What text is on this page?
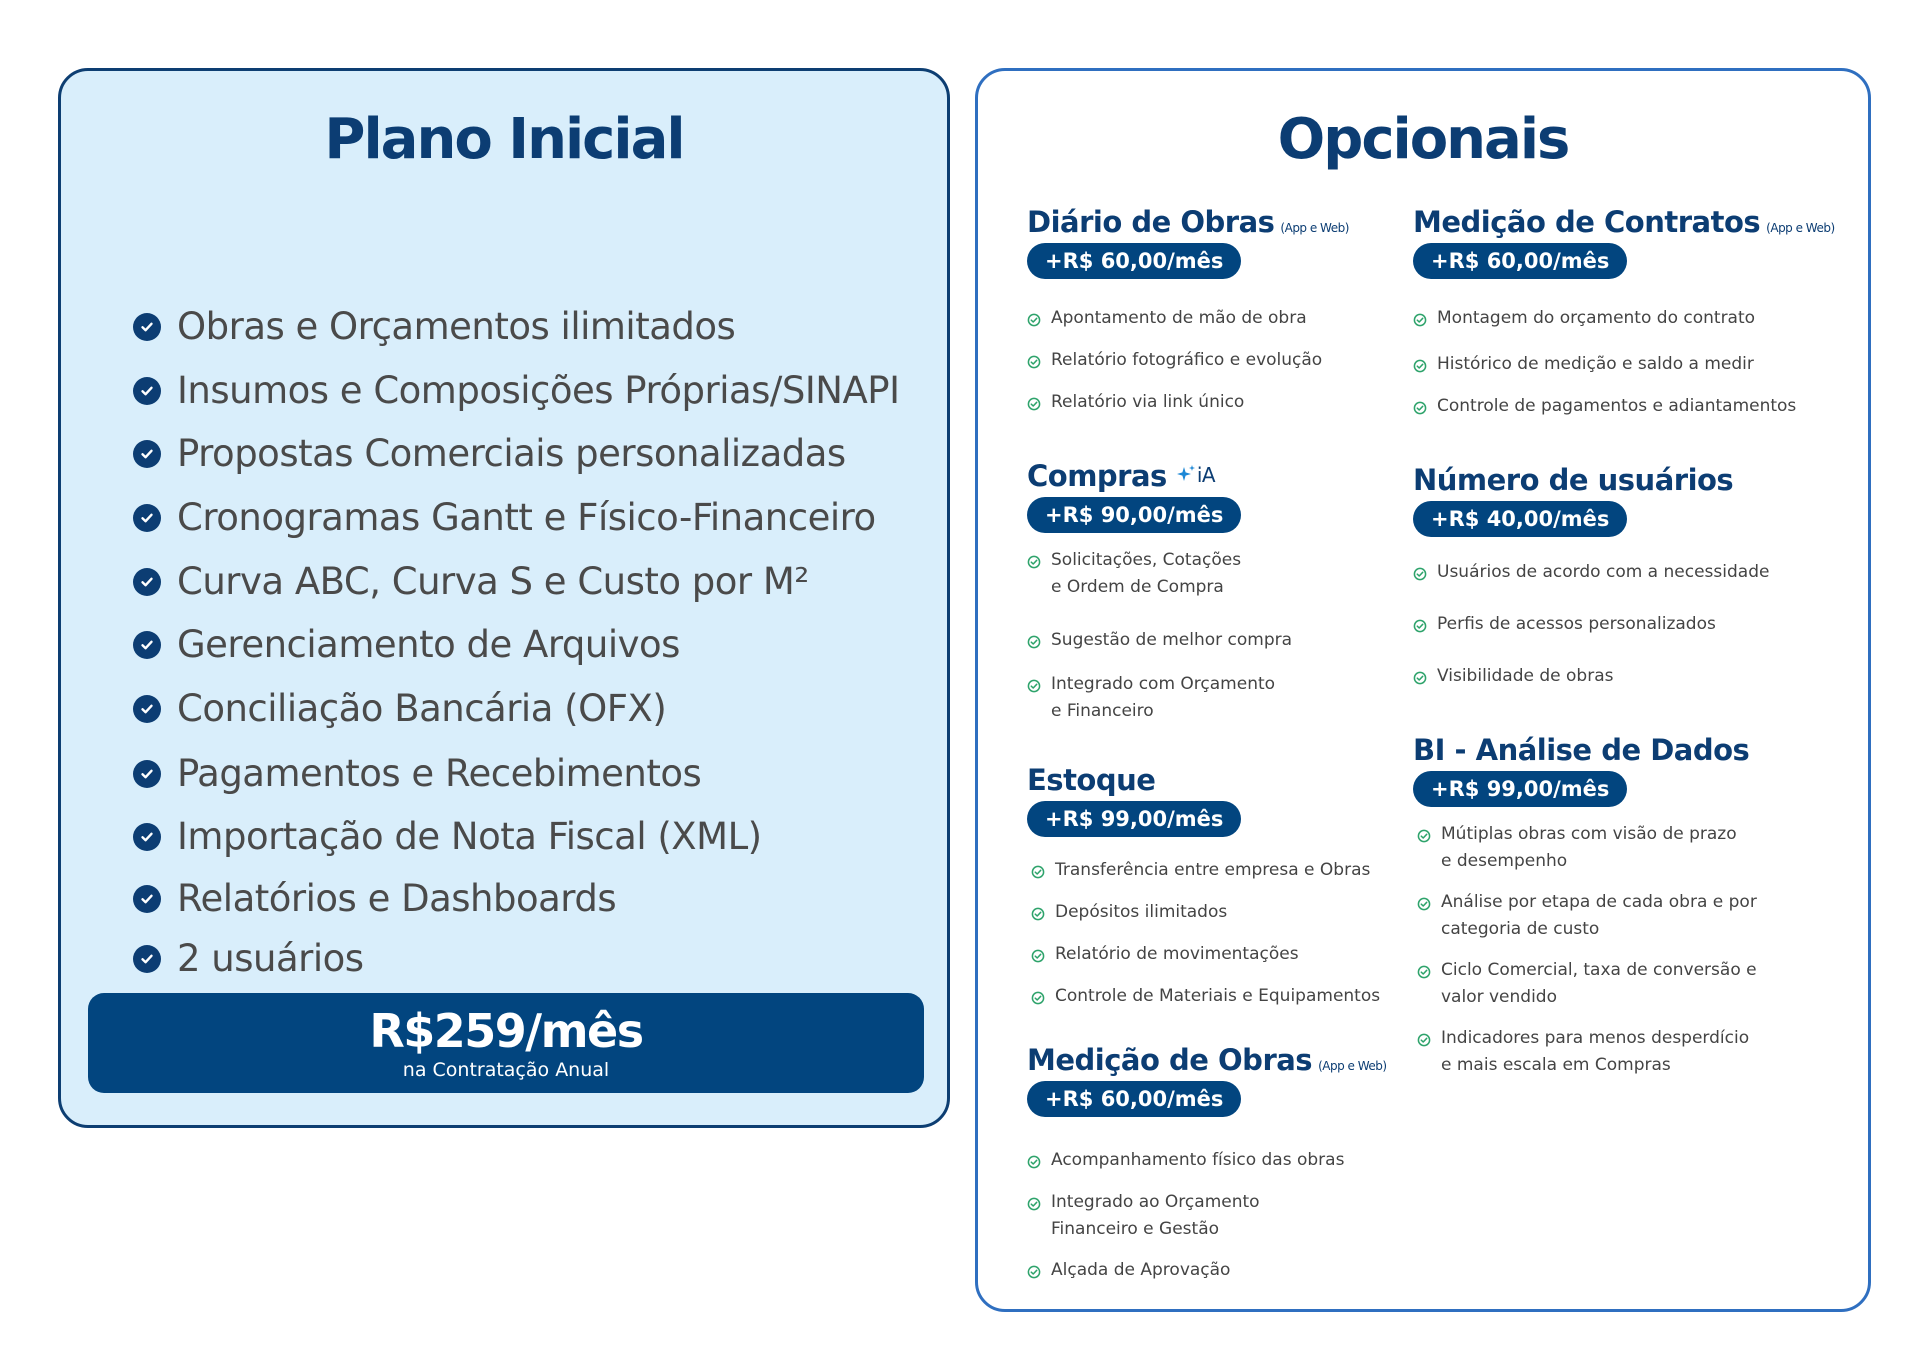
Plano Inicial
Obras e Orçamentos ilimitados
Insumos e Composições Próprias/SINAPI
Propostas Comerciais personalizadas
Cronogramas Gantt e Físico-Financeiro
Curva ABC, Curva S e Custo por M²
Gerenciamento de Arquivos
Conciliação Bancária (OFX)
Pagamentos e Recebimentos
Importação de Nota Fiscal (XML)
Relatórios e Dashboards
2 usuários
R$259/mês
na Contratação Anual
Opcionais
Diário de Obras (App e Web)
+R$ 60,00/mês
Apontamento de mão de obra
Relatório fotográfico e evolução
Relatório via link único
Compras iA
+R$ 90,00/mês
Solicitações, Cotações
e Ordem de Compra
Sugestão de melhor compra
Integrado com Orçamento
e Financeiro
Estoque
+R$ 99,00/mês
Transferência entre empresa e Obras
Depósitos ilimitados
Relatório de movimentações
Controle de Materiais e Equipamentos
Medição de Obras (App e Web)
+R$ 60,00/mês
Acompanhamento físico das obras
Integrado ao Orçamento
Financeiro e Gestão
Alçada de Aprovação
Medição de Contratos (App e Web)
+R$ 60,00/mês
Montagem do orçamento do contrato
Histórico de medição e saldo a medir
Controle de pagamentos e adiantamentos
Número de usuários
+R$ 40,00/mês
Usuários de acordo com a necessidade
Perfis de acessos personalizados
Visibilidade de obras
BI - Análise de Dados
+R$ 99,00/mês
Mútiplas obras com visão de prazo
e desempenho
Análise por etapa de cada obra e por
categoria de custo
Ciclo Comercial, taxa de conversão e
valor vendido
Indicadores para menos desperdício
e mais escala em Compras
